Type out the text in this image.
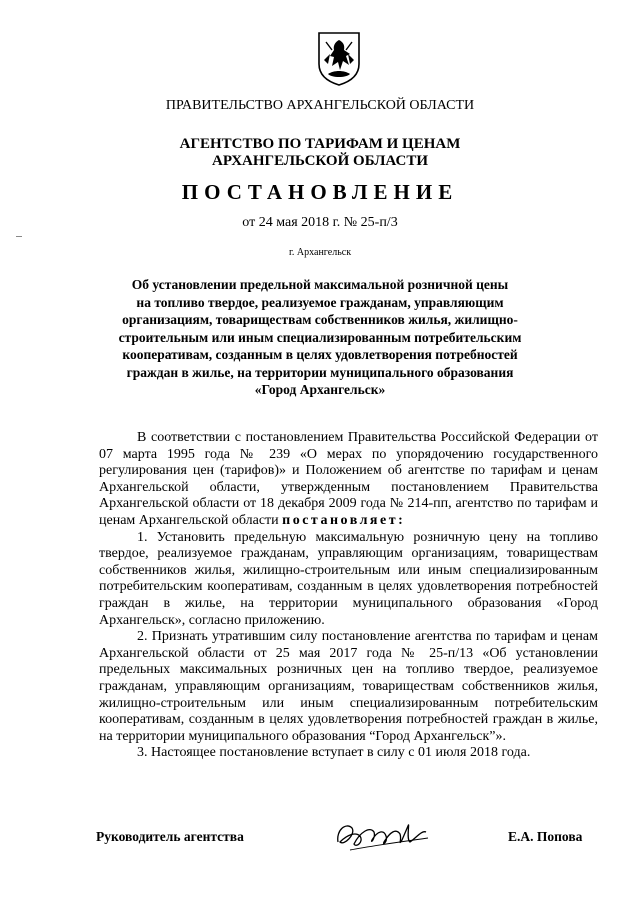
ПРАВИТЕЛЬСТВО АРХАНГЕЛЬСКОЙ ОБЛАСТИ
АГЕНТСТВО ПО ТАРИФАМ И ЦЕНАМ
АРХАНГЕЛЬСКОЙ ОБЛАСТИ
ПОСТАНОВЛЕНИЕ
от 24 мая 2018 г. № 25-п/3
г. Архангельск
Об установлении предельной максимальной розничной цены
на топливо твердое, реализуемое гражданам, управляющим
организациям, товариществам собственников жилья, жилищно-
строительным или иным специализированным потребительским
кооперативам, созданным в целях удовлетворения потребностей
граждан в жилье, на территории муниципального образования
«Город Архангельск»

В соответствии с постановлением Правительства Российской Федерации от 07 марта 1995 года № 239 «О мерах по упорядочению государственного регулирования цен (тарифов)» и Положением об агентстве по тарифам и ценам Архангельской области, утвержденным постановлением Правительства Архангельской области от 18 декабря 2009 года № 214-пп, агентство по тарифам и ценам Архангельской области постановляет:

1. Установить предельную максимальную розничную цену на топливо твердое, реализуемое гражданам, управляющим организациям, товариществам собственников жилья, жилищно-строительным или иным специализированным потребительским кооперативам, созданным в целях удовлетворения потребностей граждан в жилье, на территории муниципального образования «Город Архангельск», согласно приложению.

2. Признать утратившим силу постановление агентства по тарифам и ценам Архангельской области от 25 мая 2017 года № 25-п/13 «Об установлении предельных максимальных розничных цен на топливо твердое, реализуемое гражданам, управляющим организациям, товариществам собственников жилья, жилищно-строительным или иным специализированным потребительским кооперативам, созданным в целях удовлетворения потребностей граждан в жилье, на территории муниципального образования “Город Архангельск”».

3. Настоящее постановление вступает в силу с 01 июля 2018 года.

Руководитель агентства	Е.А. Попова
